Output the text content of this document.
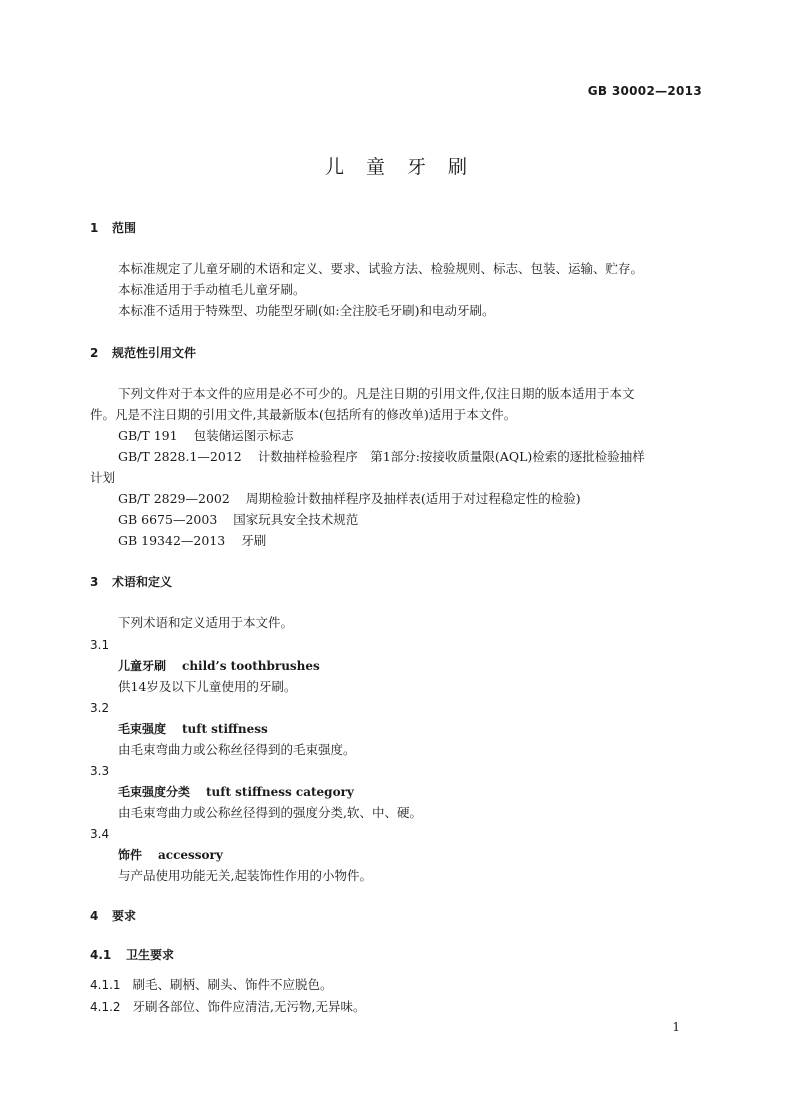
GB 30002—2013
儿童牙刷
1 范围
本标准规定了儿童牙刷的术语和定义、要求、试验方法、检验规则、标志、包装、运输、贮存。
本标准适用于手动植毛儿童牙刷。
本标准不适用于特殊型、功能型牙刷(如:全注胶毛牙刷)和电动牙刷。
2 规范性引用文件
下列文件对于本文件的应用是必不可少的。凡是注日期的引用文件,仅注日期的版本适用于本文
件。凡是不注日期的引用文件,其最新版本(包括所有的修改单)适用于本文件。
GB/T 191 包装储运图示标志
GB/T 2828.1—2012 计数抽样检验程序　第1部分:按接收质量限(AQL)检索的逐批检验抽样
计划
GB/T 2829—2002 周期检验计数抽样程序及抽样表(适用于对过程稳定性的检验)
GB 6675—2003 国家玩具安全技术规范
GB 19342—2013 牙刷
3 术语和定义
下列术语和定义适用于本文件。
3.1
儿童牙刷 child’s toothbrushes
供14岁及以下儿童使用的牙刷。
3.2
毛束强度 tuft stiffness
由毛束弯曲力或公称丝径得到的毛束强度。
3.3
毛束强度分类 tuft stiffness category
由毛束弯曲力或公称丝径得到的强度分类,软、中、硬。
3.4
饰件 accessory
与产品使用功能无关,起装饰性作用的小物件。
4 要求
4.1 卫生要求
4.1.1 刷毛、刷柄、刷头、饰件不应脱色。
4.1.2 牙刷各部位、饰件应清洁,无污物,无异味。
1
